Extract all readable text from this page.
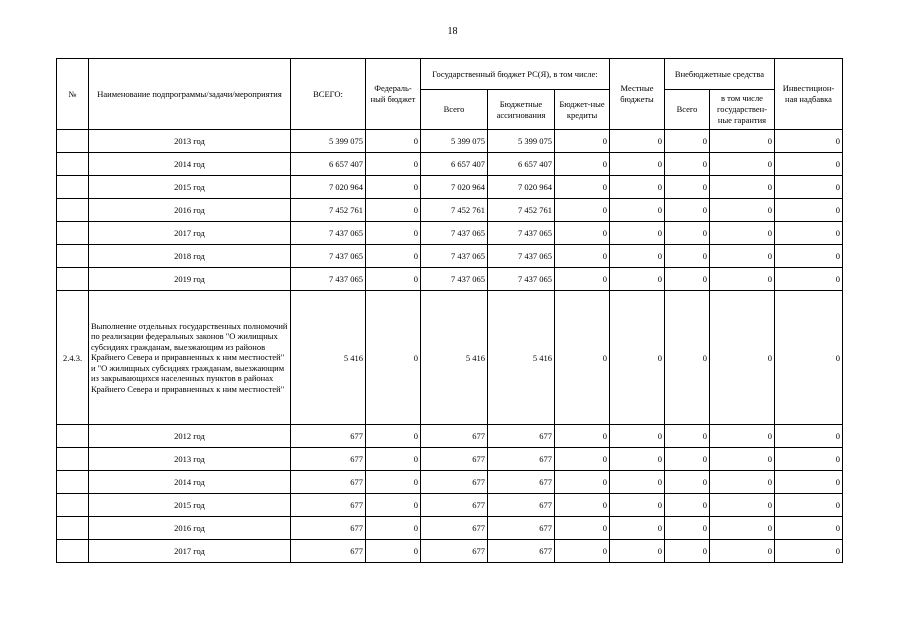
18
№	Наименование подпрограммы/задачи/мероприятия	ВСЕГО:	Федераль-ный бюджет	Государственный бюджет РС(Я), в том числе:			Местные бюджеты	Внебюджетные средства		Инвестицион-ная надбавка
				Всего	Бюджетные ассигнования	Бюджет-ные кредиты		Всего	в том числе государствен-ные гарантия	
	2013 год	5 399 075	0	5 399 075	5 399 075	0	0	0	0	0
	2014 год	6 657 407	0	6 657 407	6 657 407	0	0	0	0	0
	2015 год	7 020 964	0	7 020 964	7 020 964	0	0	0	0	0
	2016 год	7 452 761	0	7 452 761	7 452 761	0	0	0	0	0
	2017 год	7 437 065	0	7 437 065	7 437 065	0	0	0	0	0
	2018 год	7 437 065	0	7 437 065	7 437 065	0	0	0	0	0
	2019 год	7 437 065	0	7 437 065	7 437 065	0	0	0	0	0
2.4.3.	Выполнение отдельных государственных полномочий по реализации федеральных законов "О жилищных субсидиях гражданам, выезжающим из районов Крайнего Севера и приравненных к ним местностей" и "О жилищных субсидиях гражданам, выезжающим из закрывающихся населенных пунктов в районах Крайнего Севера и приравненных к ним местностей"	5 416	0	5 416	5 416	0	0	0	0	0
	2012 год	677	0	677	677	0	0	0	0	0
	2013 год	677	0	677	677	0	0	0	0	0
	2014 год	677	0	677	677	0	0	0	0	0
	2015 год	677	0	677	677	0	0	0	0	0
	2016 год	677	0	677	677	0	0	0	0	0
	2017 год	677	0	677	677	0	0	0	0	0
